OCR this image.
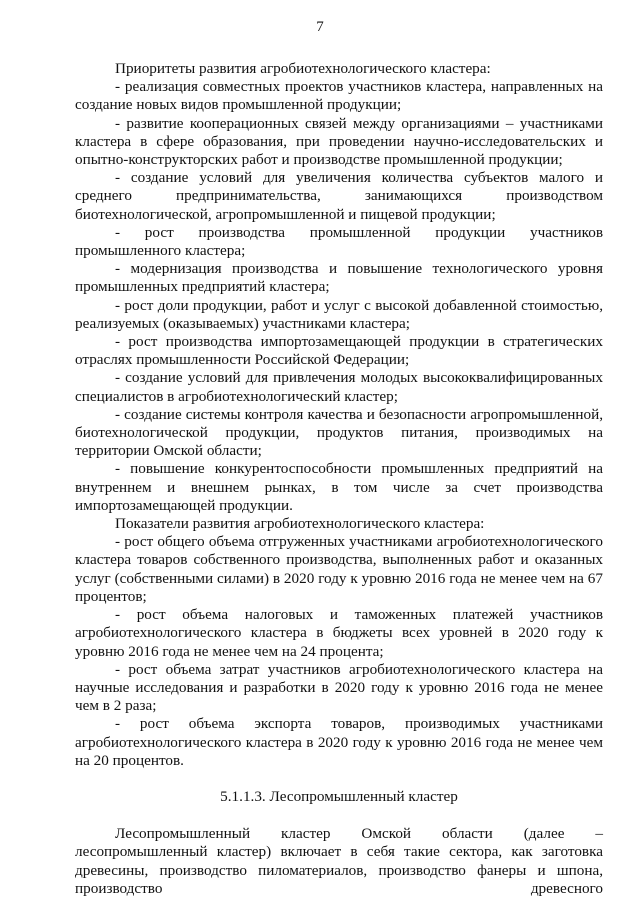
7

Приоритеты развития агробиотехнологического кластера:

- реализация совместных проектов участников кластера, направленных на создание новых видов промышленной продукции;

- развитие кооперационных связей между организациями – участниками кластера в сфере образования, при проведении научно-исследовательских и опытно-конструкторских работ и производстве промышленной продукции;

- создание условий для увеличения количества субъектов малого и среднего предпринимательства, занимающихся производством биотехнологической, агропромышленной и пищевой продукции;

- рост производства промышленной продукции участников промышленного кластера;

- модернизация производства и повышение технологического уровня промышленных предприятий кластера;

- рост доли продукции, работ и услуг с высокой добавленной стоимостью, реализуемых (оказываемых) участниками кластера;

- рост производства импортозамещающей продукции в стратегических отраслях промышленности Российской Федерации;

- создание условий для привлечения молодых высококвалифицированных специалистов в агробиотехнологический кластер;

- создание системы контроля качества и безопасности агропромышленной, биотехнологической продукции, продуктов питания, производимых на территории Омской области;

- повышение конкурентоспособности промышленных предприятий на внутреннем и внешнем рынках, в том числе за счет производства импортозамещающей продукции.

Показатели развития агробиотехнологического кластера:

- рост общего объема отгруженных участниками агробиотехнологического кластера товаров собственного производства, выполненных работ и оказанных услуг (собственными силами) в 2020 году к уровню 2016 года не менее чем на 67 процентов;

- рост объема налоговых и таможенных платежей участников агробиотехнологического кластера в бюджеты всех уровней в 2020 году к уровню 2016 года не менее чем на 24 процента;

- рост объема затрат участников агробиотехнологического кластера на научные исследования и разработки в 2020 году к уровню 2016 года не менее чем в 2 раза;

- рост объема экспорта товаров, производимых участниками агробиотехнологического кластера в 2020 году к уровню 2016 года не менее чем на 20 процентов.

5.1.1.3. Лесопромышленный кластер

Лесопромышленный кластер Омской области (далее – лесопромышленный кластер) включает в себя такие сектора, как заготовка древесины, производство пиломатериалов, производство фанеры и шпона, производство древесного
